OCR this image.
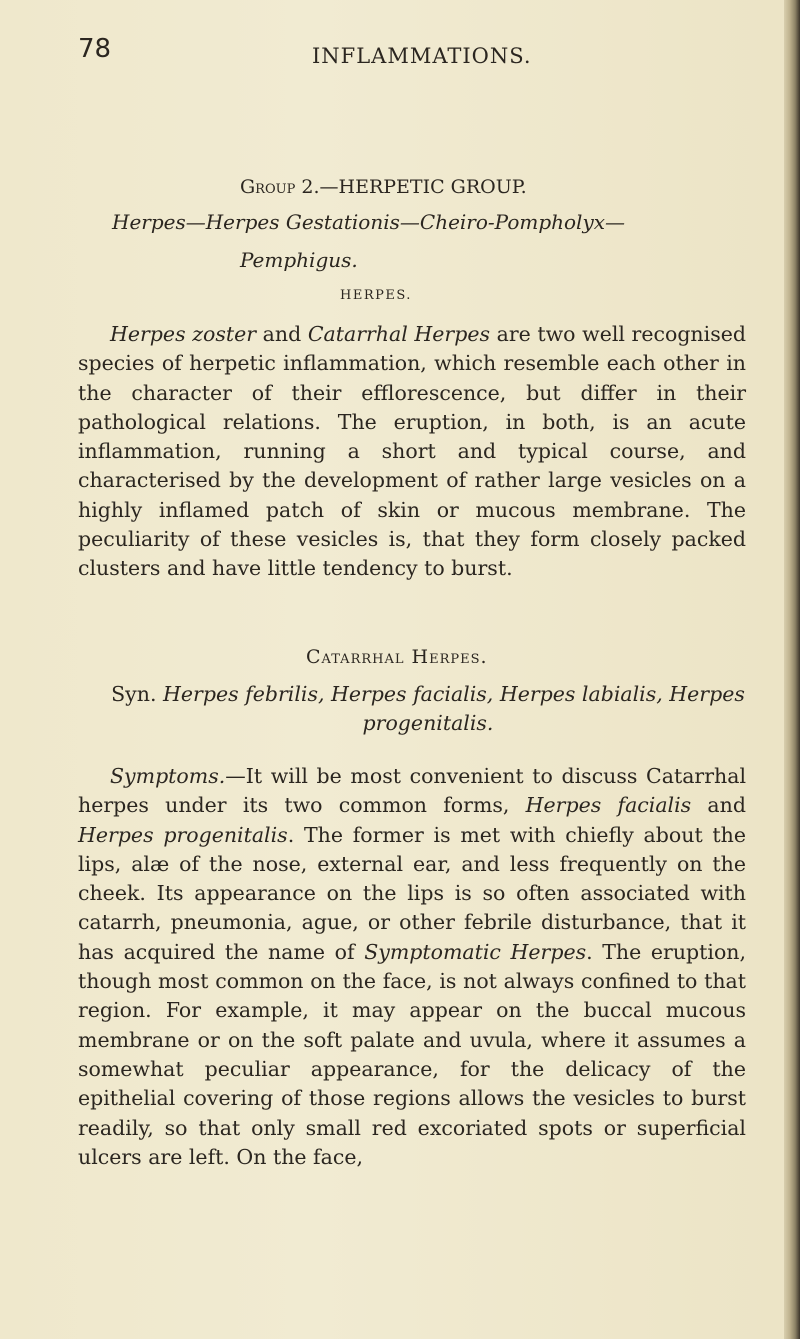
78	INFLAMMATIONS.
Group 2.—HERPETIC GROUP.
Herpes—Herpes Gestationis—Cheiro-Pompholyx—
Pemphigus.
HERPES.
Herpes zoster and Catarrhal Herpes are two well recognised species of herpetic inflammation, which resemble each other in the character of their efflorescence, but differ in their pathological relations. The eruption, in both, is an acute inflammation, running a short and typical course, and characterised by the development of rather large vesicles on a highly inflamed patch of skin or mucous membrane. The peculiarity of these vesicles is, that they form closely packed clusters and have little tendency to burst.
Catarrhal Herpes.
Syn. Herpes febrilis, Herpes facialis, Herpes labialis, Herpes progenitalis.
Symptoms.—It will be most convenient to discuss Catarrhal herpes under its two common forms, Herpes facialis and Herpes progenitalis. The former is met with chiefly about the lips, alæ of the nose, external ear, and less frequently on the cheek. Its appearance on the lips is so often associated with catarrh, pneumonia, ague, or other febrile disturbance, that it has acquired the name of Symptomatic Herpes. The eruption, though most common on the face, is not always confined to that region. For example, it may appear on the buccal mucous membrane or on the soft palate and uvula, where it assumes a somewhat peculiar appearance, for the delicacy of the epithelial covering of those regions allows the vesicles to burst readily, so that only small red excoriated spots or superficial ulcers are left. On the face,
